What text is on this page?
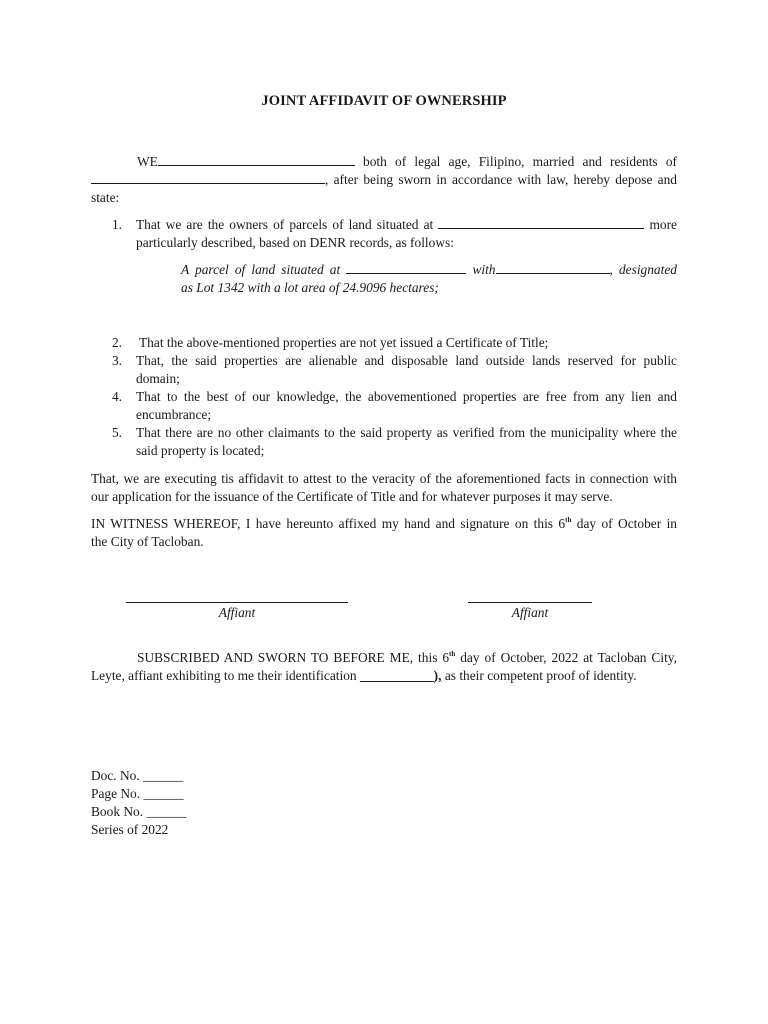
JOINT AFFIDAVIT OF OWNERSHIP
WE	both of legal age, Filipino, married and residents of
, after being sworn in accordance with law, hereby depose and
state:
1. That we are the owners of parcels of land situated at	more
particularly described, based on DENR records, as follows:
A parcel of land situated at	with	, designated
as Lot 1342 with a lot area of 24.9096 hectares;
2. That the above-mentioned properties are not yet issued a Certificate of Title;
3. That, the said properties are alienable and disposable land outside lands reserved for public
domain;
4. That to the best of our knowledge, the abovementioned properties are free from any lien and
encumbrance;
5. That there are no other claimants to the said property as verified from the municipality where the
said property is located;
That, we are executing tis affidavit to attest to the veracity of the aforementioned facts in connection with
our application for the issuance of the Certificate of Title and for whatever purposes it may serve.
IN WITNESS WHEREOF, I have hereunto affixed my hand and signature on this 6th day of October in
the City of Tacloban.
Affiant	Affiant
SUBSCRIBED AND SWORN TO BEFORE ME, this 6th day of October, 2022 at Tacloban City,
Leyte, affiant exhibiting to me their identification ___________), as their competent proof of identity.
Doc. No. ______
Page No. ______
Book No. ______
Series of 2022
